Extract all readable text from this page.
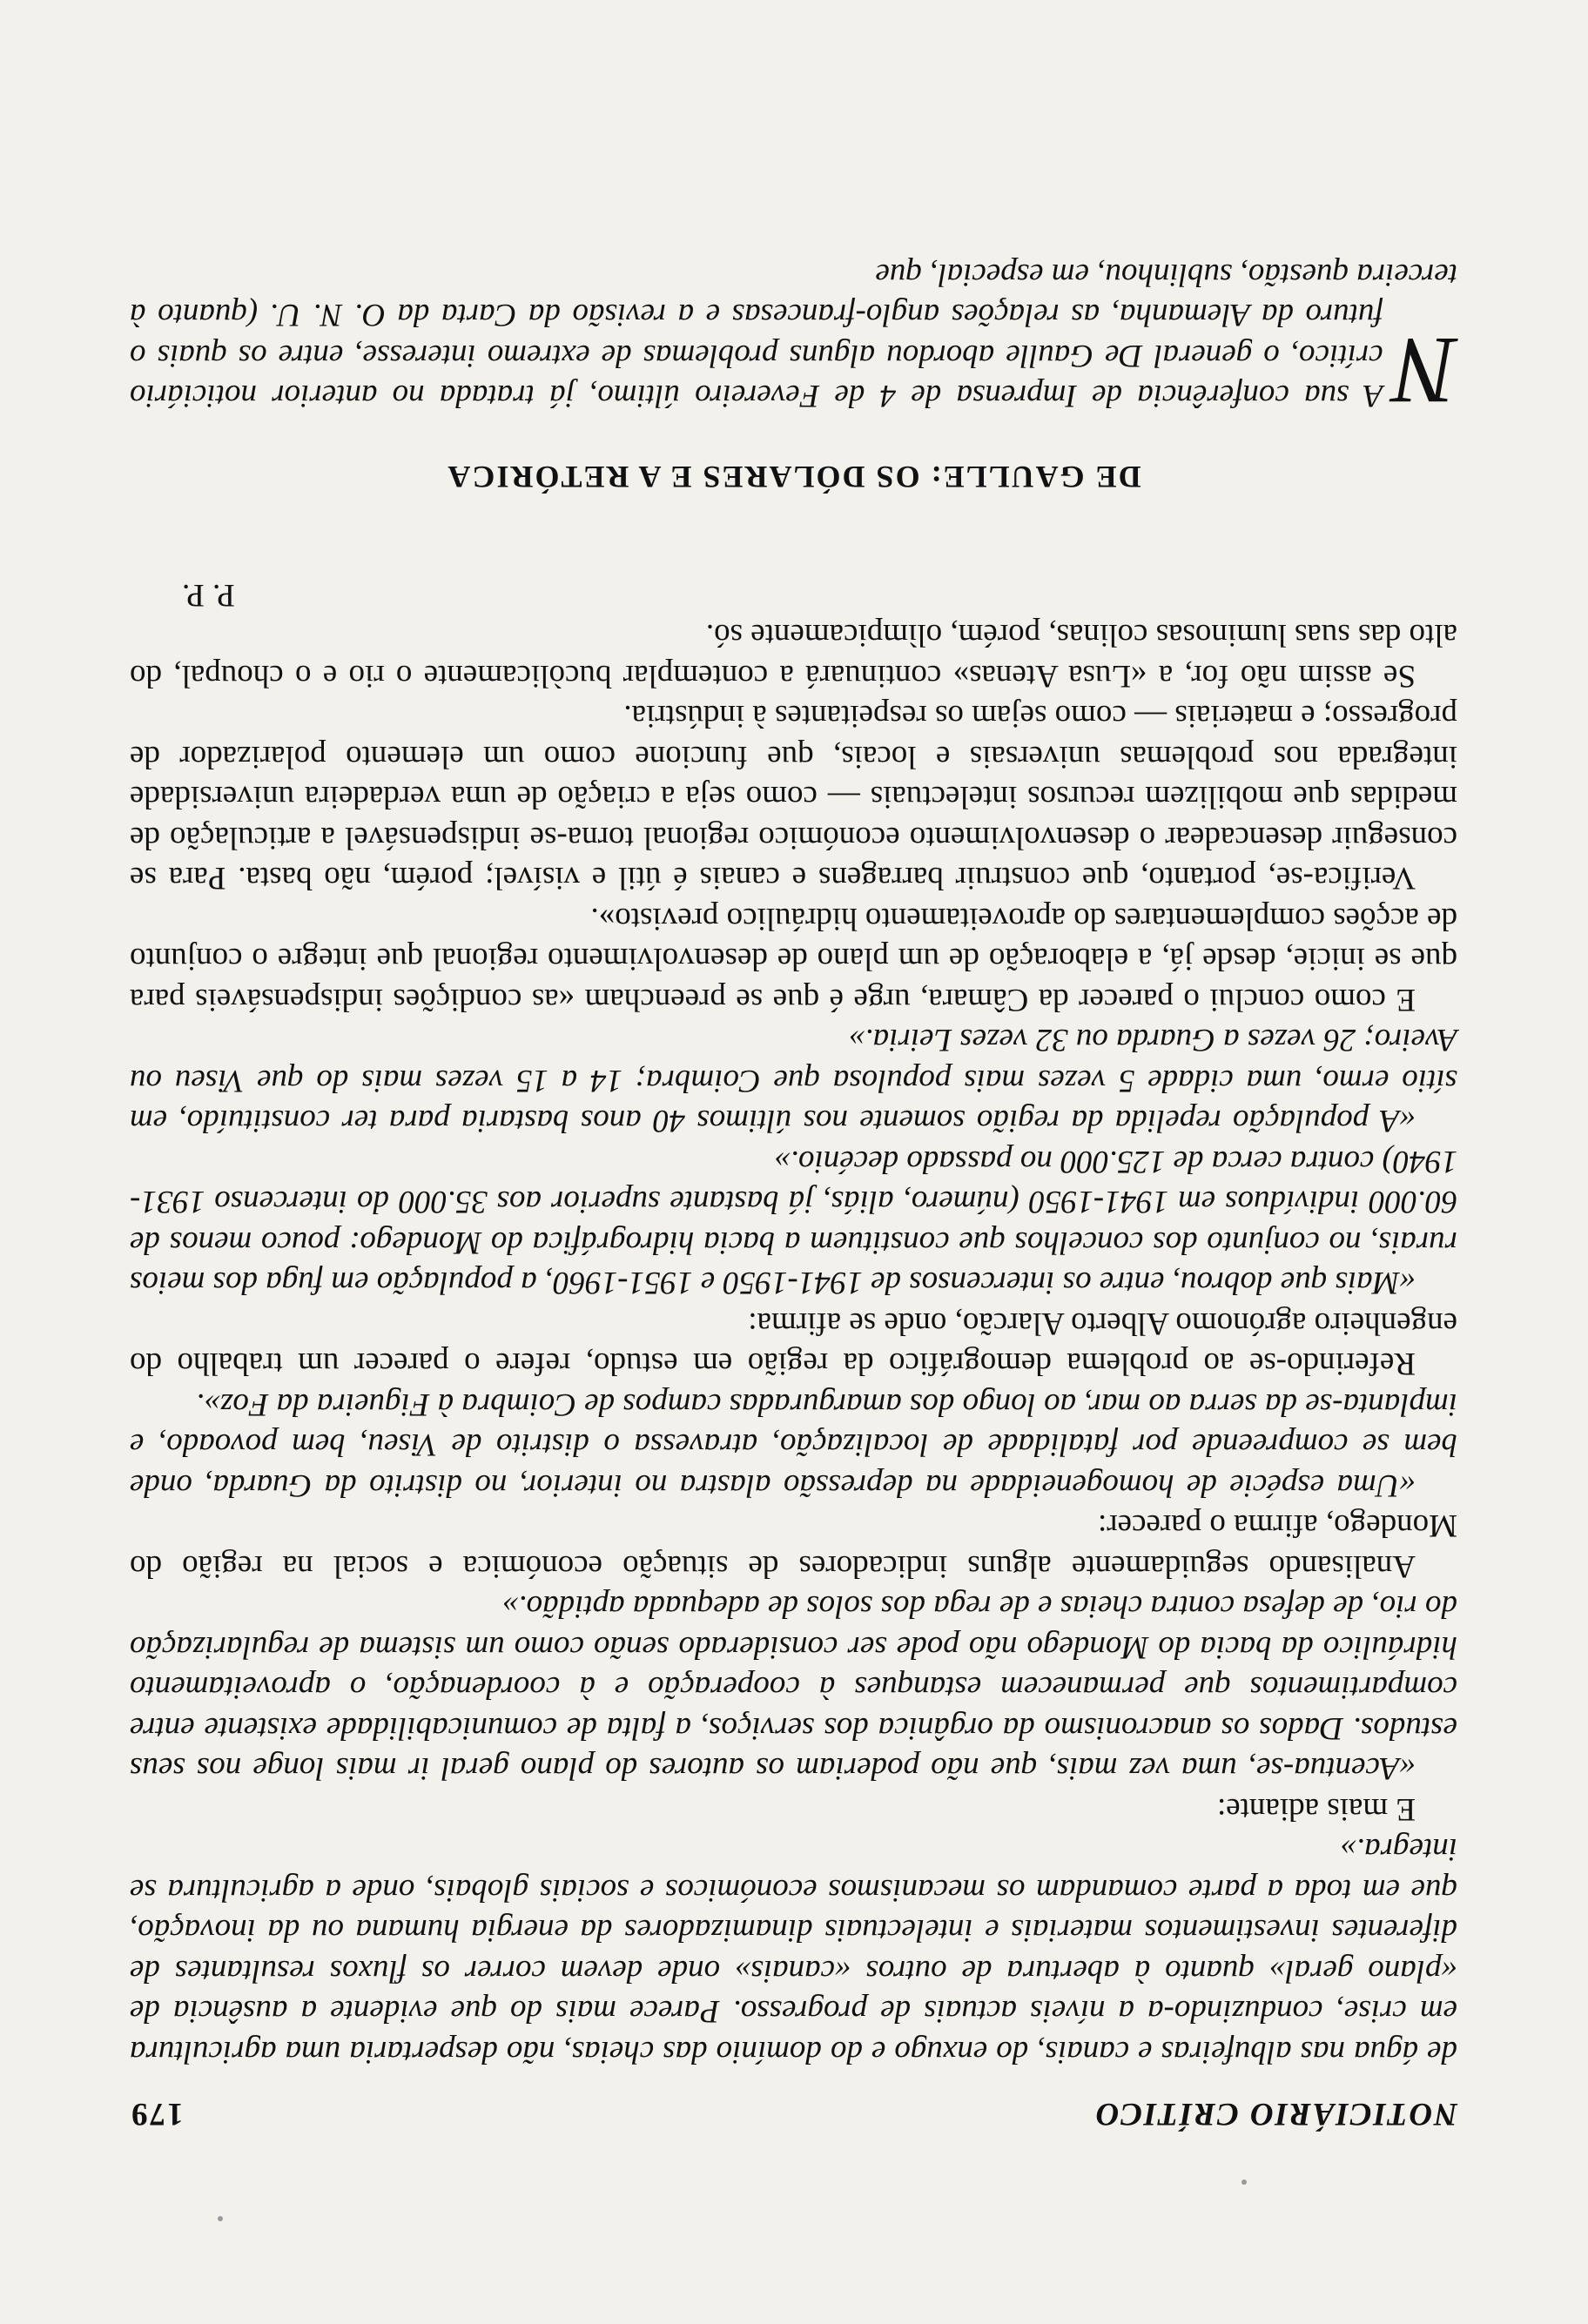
NOTICIÁRIO CRÍTICO
179

de água nas albufeiras e canais, do enxugo e do domínio das cheias, não despertaria uma agricultura em crise, conduzindo-a a níveis actuais de progresso. Parece mais do que evidente a ausência de «plano geral» quanto à abertura de outros «canais» onde devem correr os fluxos resultantes de diferentes investimentos materiais e intelectuais dinamizadores da energia humana ou da inovação, que em toda a parte comandam os mecanismos económicos e sociais globais, onde a agricultura se integra.»

E mais adiante:

«Acentua-se, uma vez mais, que não poderiam os autores do plano geral ir mais longe nos seus estudos. Dados os anacronismo da orgânica dos serviços, a falta de comunicabilidade existente entre compartimentos que permanecem estanques à cooperação e à coordenação, o aproveitamento hidráulico da bacia do Mondego não pode ser considerado senão como um sistema de regularização do rio, de defesa contra cheias e de rega dos solos de adequada aptidão.»

Analisando seguidamente alguns indicadores de situação económica e social na região do Mondego, afirma o parecer:

«Uma espécie de homogeneidade na depressão alastra no interior, no distrito da Guarda, onde bem se compreende por fatalidade de localização, atravessa o distrito de Viseu, bem povoado, e implanta-se da serra ao mar, ao longo dos amarguradas campos de Coimbra à Figueira da Foz».

Referindo-se ao problema demográfico da região em estudo, refere o parecer um trabalho do engenheiro agrónomo Alberto Alarcão, onde se afirma:

«Mais que dobrou, entre os intercensos de 1941-1950 e 1951-1960, a população em fuga dos meios rurais, no conjunto dos concelhos que constituem a bacia hidrográfica do Mondego: pouco menos de 60.000 indivíduos em 1941-1950 (número, aliás, já bastante superior aos 35.000 do intercenso 1931-1940) contra cerca de 125.000 no passado decénio.»

«A população repelida da região somente nos últimos 40 anos bastaria para ter constituído, em sítio ermo, uma cidade 5 vezes mais populosa que Coimbra; 14 a 15 vezes mais do que Viseu ou Aveiro; 26 vezes a Guarda ou 32 vezes Leiria.»

E como conclui o parecer da Câmara, urge é que se preencham «as condições indispensáveis para que se inicie, desde já, a elaboração de um plano de desenvolvimento regional que integre o conjunto de acções complementares do aproveitamento hidráulico previsto».

Verifica-se, portanto, que construir barragens e canais é útil e visível; porém, não basta. Para se conseguir desencadear o desenvolvimento económico regional torna-se indispensável a articulação de medidas que mobilizem recursos intelectuais — como seja a criação de uma verdadeira universidade integrada nos problemas universais e locais, que funcione como um elemento polarizador de progresso; e materiais — como sejam os respeitantes à indústria.

Se assim não for, a «Lusa Atenas» continuará a contemplar bucòlicamente o rio e o choupal, do alto das suas luminosas colinas, porém, olìmpicamente só.

P. P.
DE GAULLE: OS DÓLARES E A RETÓRICA

N
A sua conferência de Imprensa de 4 de Fevereiro último, já tratada no anterior noticiário crítico, o general De Gaulle abordou alguns problemas de extremo interesse, entre os quais o futuro da Alemanha, as relações anglo-francesas e a revisão da Carta da O. N. U. (quanto à terceira questão, sublinhou, em especial, que
